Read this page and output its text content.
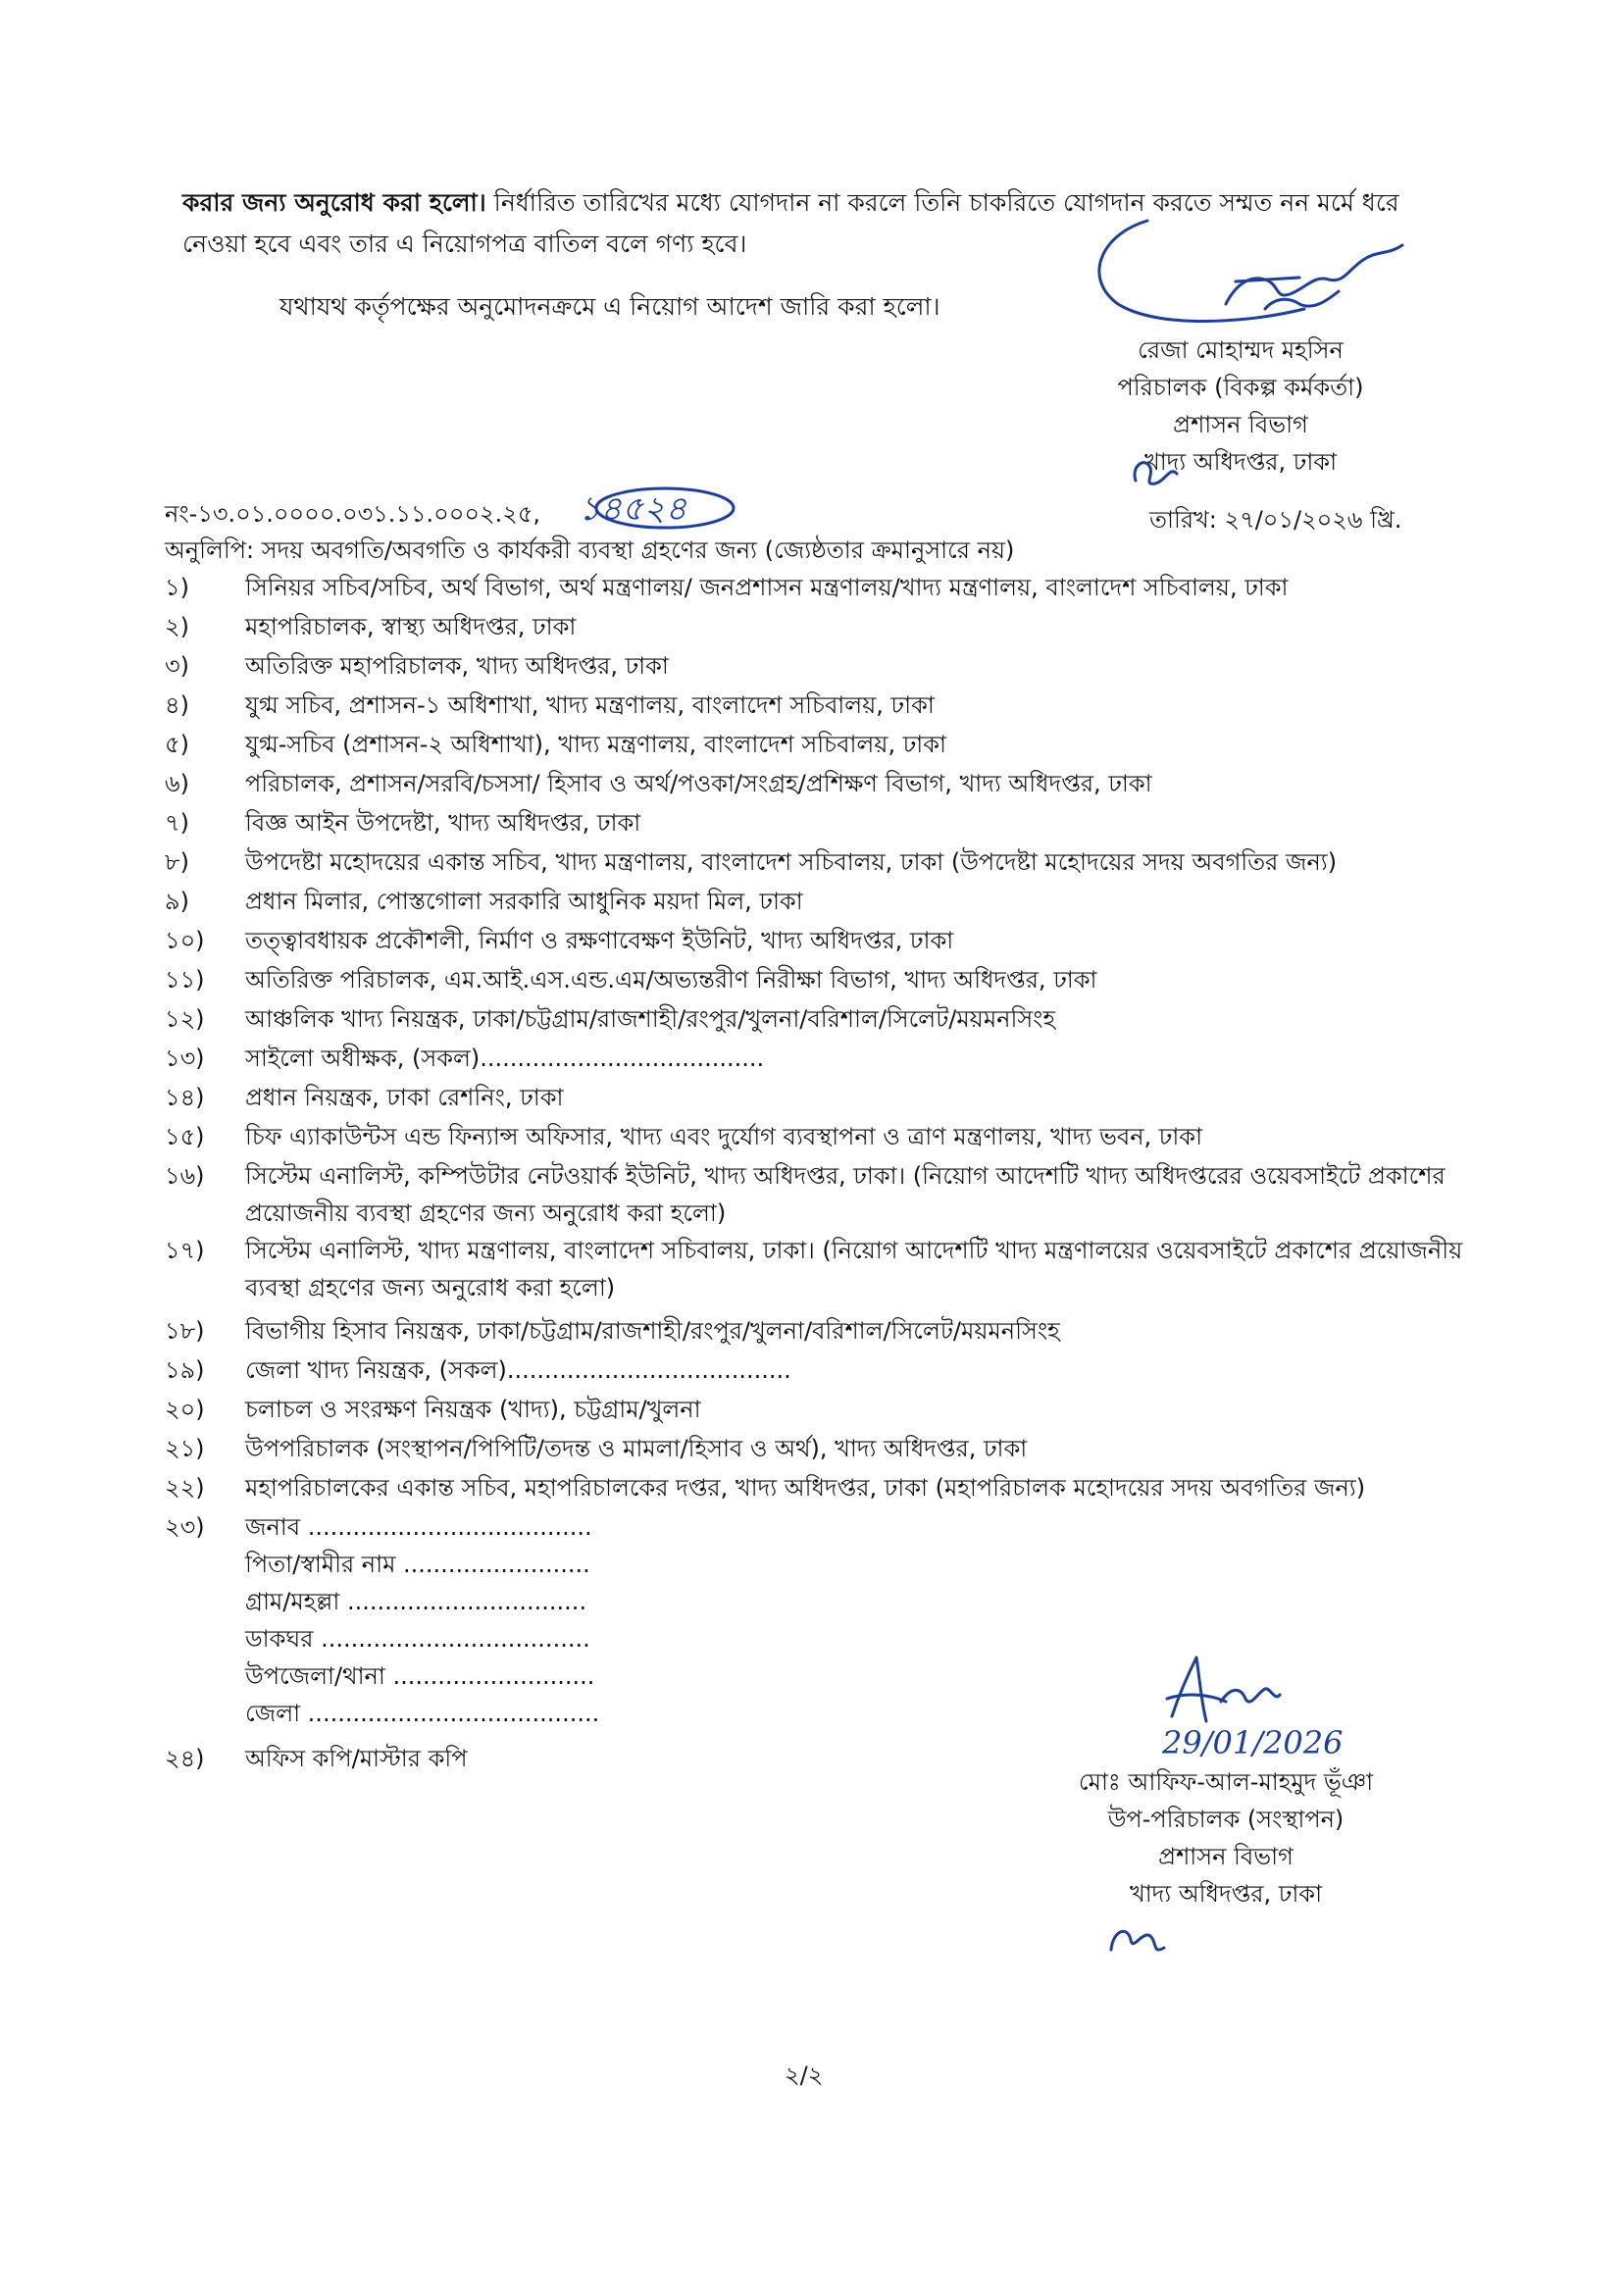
করার জন্য অনুরোধ করা হলো। নির্ধারিত তারিখের মধ্যে যোগদান না করলে তিনি চাকরিতে যোগদান করতে সম্মত নন মর্মে ধরে
নেওয়া হবে এবং তার এ নিয়োগপত্র বাতিল বলে গণ্য হবে।
যথাযথ কর্তৃপক্ষের অনুমোদনক্রমে এ নিয়োগ আদেশ জারি করা হলো।
রেজা মোহাম্মদ মহসিন
পরিচালক (বিকল্প কর্মকর্তা)
প্রশাসন বিভাগ
খাদ্য অধিদপ্তর, ঢাকা
নং-১৩.০১.০০০০.০৩১.১১.০০০২.২৫, ১৪৫২৪	তারিখ: ২৭/০১/২০২৬ খ্রি.
অনুলিপি: সদয় অবগতি/অবগতি ও কার্যকরী ব্যবস্থা গ্রহণের জন্য (জ্যেষ্ঠতার ক্রমানুসারে নয়)
১)	সিনিয়র সচিব/সচিব, অর্থ বিভাগ, অর্থ মন্ত্রণালয়/ জনপ্রশাসন মন্ত্রণালয়/খাদ্য মন্ত্রণালয়, বাংলাদেশ সচিবালয়, ঢাকা
২)	মহাপরিচালক, স্বাস্থ্য অধিদপ্তর, ঢাকা
৩)	অতিরিক্ত মহাপরিচালক, খাদ্য অধিদপ্তর, ঢাকা
৪)	যুগ্ম সচিব, প্রশাসন-১ অধিশাখা, খাদ্য মন্ত্রণালয়, বাংলাদেশ সচিবালয়, ঢাকা
৫)	যুগ্ম-সচিব (প্রশাসন-২ অধিশাখা), খাদ্য মন্ত্রণালয়, বাংলাদেশ সচিবালয়, ঢাকা
৬)	পরিচালক, প্রশাসন/সরবি/চসসা/ হিসাব ও অর্থ/পওকা/সংগ্রহ/প্রশিক্ষণ বিভাগ, খাদ্য অধিদপ্তর, ঢাকা
৭)	বিজ্ঞ আইন উপদেষ্টা, খাদ্য অধিদপ্তর, ঢাকা
৮)	উপদেষ্টা মহোদয়ের একান্ত সচিব, খাদ্য মন্ত্রণালয়, বাংলাদেশ সচিবালয়, ঢাকা (উপদেষ্টা মহোদয়ের সদয় অবগতির জন্য)
৯)	প্রধান মিলার, পোস্তগোলা সরকারি আধুনিক ময়দা মিল, ঢাকা
১০)	তত্ত্বাবধায়ক প্রকৌশলী, নির্মাণ ও রক্ষণাবেক্ষণ ইউনিট, খাদ্য অধিদপ্তর, ঢাকা
১১)	অতিরিক্ত পরিচালক, এম.আই.এস.এন্ড.এম/অভ্যন্তরীণ নিরীক্ষা বিভাগ, খাদ্য অধিদপ্তর, ঢাকা
১২)	আঞ্চলিক খাদ্য নিয়ন্ত্রক, ঢাকা/চট্টগ্রাম/রাজশাহী/রংপুর/খুলনা/বরিশাল/সিলেট/ময়মনসিংহ
১৩)	সাইলো অধীক্ষক, (সকল)......................................
১৪)	প্রধান নিয়ন্ত্রক, ঢাকা রেশনিং, ঢাকা
১৫)	চিফ এ্যাকাউন্টস এন্ড ফিন্যান্স অফিসার, খাদ্য এবং দুর্যোগ ব্যবস্থাপনা ও ত্রাণ মন্ত্রণালয়, খাদ্য ভবন, ঢাকা
১৬)	সিস্টেম এনালিস্ট, কম্পিউটার নেটওয়ার্ক ইউনিট, খাদ্য অধিদপ্তর, ঢাকা। (নিয়োগ আদেশটি খাদ্য অধিদপ্তরের ওয়েবসাইটে প্রকাশের প্রয়োজনীয় ব্যবস্থা গ্রহণের জন্য অনুরোধ করা হলো)
১৭)	সিস্টেম এনালিস্ট, খাদ্য মন্ত্রণালয়, বাংলাদেশ সচিবালয়, ঢাকা। (নিয়োগ আদেশটি খাদ্য মন্ত্রণালয়ের ওয়েবসাইটে প্রকাশের প্রয়োজনীয় ব্যবস্থা গ্রহণের জন্য অনুরোধ করা হলো)
১৮)	বিভাগীয় হিসাব নিয়ন্ত্রক, ঢাকা/চট্টগ্রাম/রাজশাহী/রংপুর/খুলনা/বরিশাল/সিলেট/ময়মনসিংহ
১৯)	জেলা খাদ্য নিয়ন্ত্রক, (সকল)......................................
২০)	চলাচল ও সংরক্ষণ নিয়ন্ত্রক (খাদ্য), চট্টগ্রাম/খুলনা
২১)	উপপরিচালক (সংস্থাপন/পিপিটি/তদন্ত ও মামলা/হিসাব ও অর্থ), খাদ্য অধিদপ্তর, ঢাকা
২২)	মহাপরিচালকের একান্ত সচিব, মহাপরিচালকের দপ্তর, খাদ্য অধিদপ্তর, ঢাকা (মহাপরিচালক মহোদয়ের সদয় অবগতির জন্য)
২৩)	জনাব ......................................
পিতা/স্বামীর নাম .........................
গ্রাম/মহল্লা ................................
ডাকঘর ....................................
উপজেলা/থানা ...........................
জেলা .......................................
২৪)	অফিস কপি/মাস্টার কপি	29/01/2026
মোঃ আফিফ-আল-মাহমুদ ভূঁঞা
উপ-পরিচালক (সংস্থাপন)
প্রশাসন বিভাগ
খাদ্য অধিদপ্তর, ঢাকা
২/২
